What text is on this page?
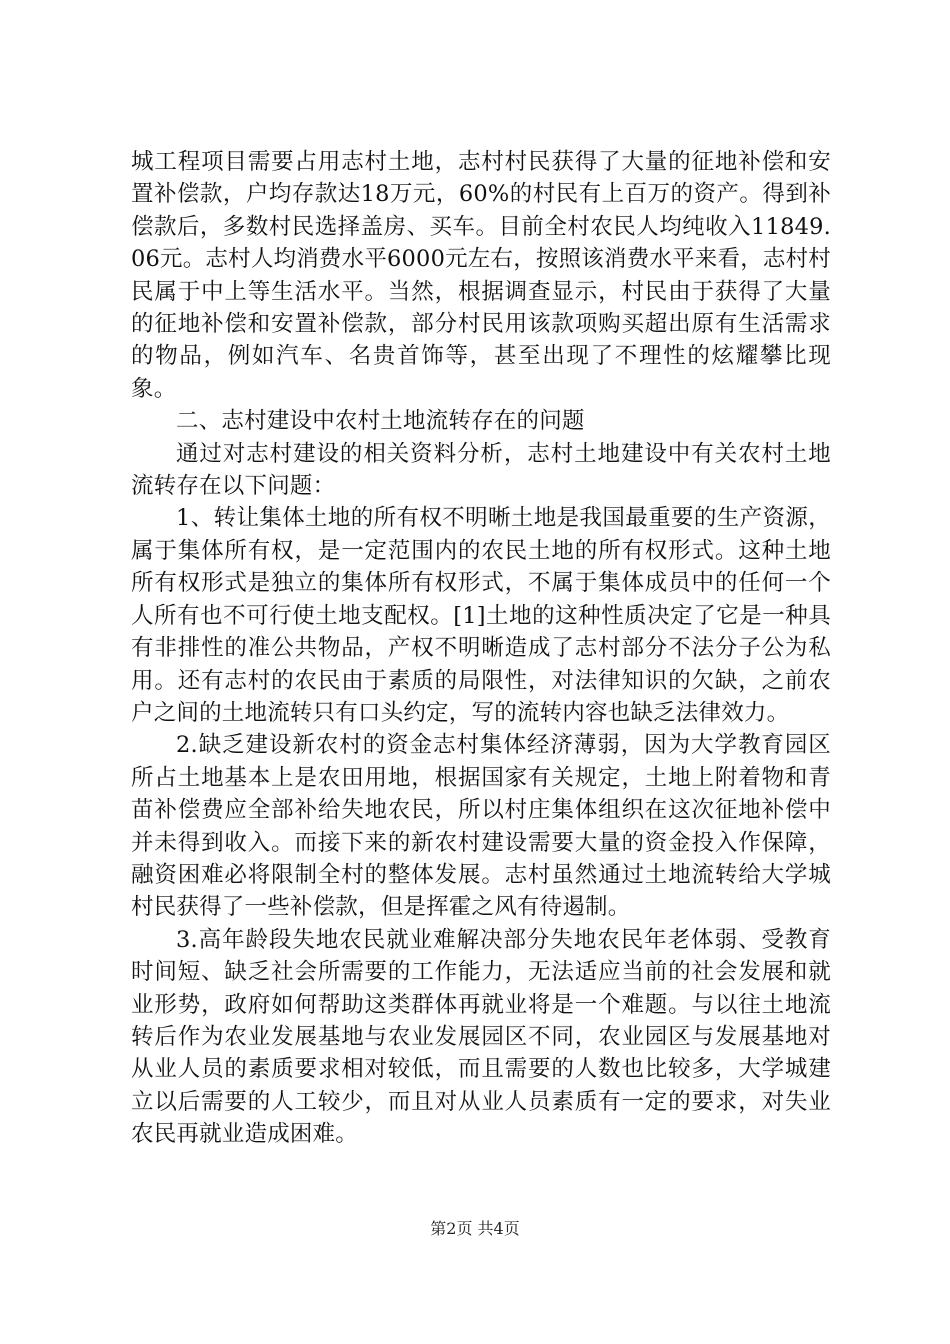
城工程项目需要占用志村土地，志村村民获得了大量的征地补偿和安置补偿款，户均存款达18万元，60%的村民有上百万的资产。得到补偿款后，多数村民选择盖房、买车。目前全村农民人均纯收入11849.06元。志村人均消费水平6000元左右，按照该消费水平来看，志村村民属于中上等生活水平。当然，根据调查显示，村民由于获得了大量的征地补偿和安置补偿款，部分村民用该款项购买超出原有生活需求的物品，例如汽车、名贵首饰等，甚至出现了不理性的炫耀攀比现象。

二、志村建设中农村土地流转存在的问题

通过对志村建设的相关资料分析，志村土地建设中有关农村土地流转存在以下问题：

1、转让集体土地的所有权不明晰土地是我国最重要的生产资源，属于集体所有权，是一定范围内的农民土地的所有权形式。这种土地所有权形式是独立的集体所有权形式，不属于集体成员中的任何一个人所有也不可行使土地支配权。[1]土地的这种性质决定了它是一种具有非排性的准公共物品，产权不明晰造成了志村部分不法分子公为私用。还有志村的农民由于素质的局限性，对法律知识的欠缺，之前农户之间的土地流转只有口头约定，写的流转内容也缺乏法律效力。

2.缺乏建设新农村的资金志村集体经济薄弱，因为大学教育园区所占土地基本上是农田用地，根据国家有关规定，土地上附着物和青苗补偿费应全部补给失地农民，所以村庄集体组织在这次征地补偿中并未得到收入。而接下来的新农村建设需要大量的资金投入作保障，融资困难必将限制全村的整体发展。志村虽然通过土地流转给大学城村民获得了一些补偿款，但是挥霍之风有待遏制。

3.高年龄段失地农民就业难解决部分失地农民年老体弱、受教育时间短、缺乏社会所需要的工作能力，无法适应当前的社会发展和就业形势，政府如何帮助这类群体再就业将是一个难题。与以往土地流转后作为农业发展基地与农业发展园区不同，农业园区与发展基地对从业人员的素质要求相对较低，而且需要的人数也比较多，大学城建立以后需要的人工较少，而且对从业人员素质有一定的要求，对失业农民再就业造成困难。

第2页 共4页
